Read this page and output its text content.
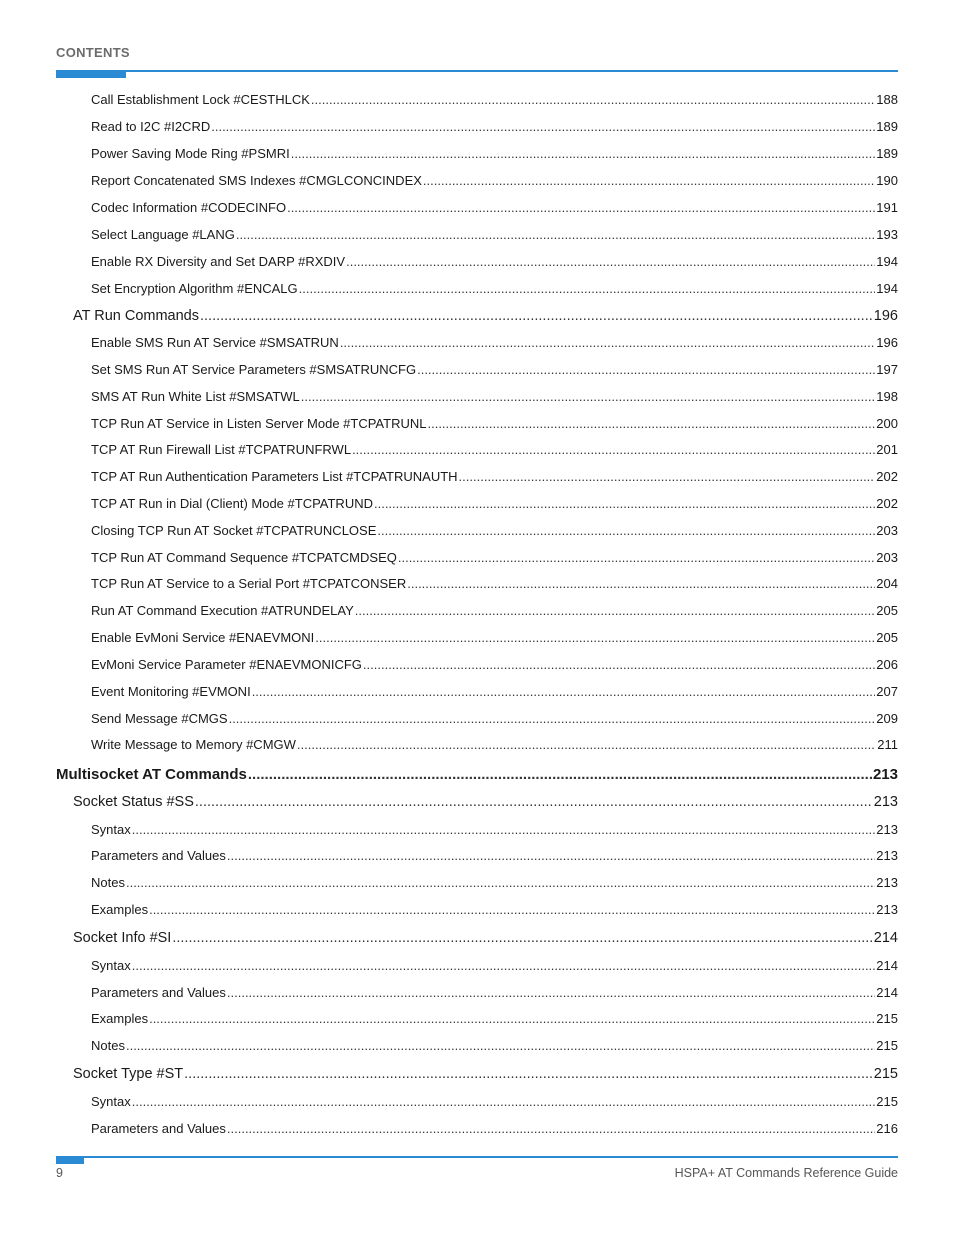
CONTENTS
Call Establishment Lock #CESTHLCK .....	188
Read to I2C #I2CRD .....	189
Power Saving Mode Ring #PSMRI .....	189
Report Concatenated SMS Indexes #CMGLCONCINDEX .....	190
Codec Information #CODECINFO .....	191
Select Language #LANG .....	193
Enable RX Diversity and Set DARP #RXDIV .....	194
Set Encryption Algorithm #ENCALG .....	194
AT Run Commands .....	196
Enable SMS Run AT Service #SMSATRUN .....	196
Set SMS Run AT Service Parameters #SMSATRUNCFG .....	197
SMS AT Run White List #SMSATWL .....	198
TCP Run AT Service in Listen Server Mode #TCPATRUNL .....	200
TCP AT Run Firewall List #TCPATRUNFRWL .....	201
TCP AT Run Authentication Parameters List #TCPATRUNAUTH .....	202
TCP AT Run in Dial (Client) Mode #TCPATRUND .....	202
Closing TCP Run AT Socket #TCPATRUNCLOSE .....	203
TCP Run AT Command Sequence #TCPATCMDSEQ .....	203
TCP Run AT Service to a Serial Port #TCPATCONSER .....	204
Run AT Command Execution #ATRUNDELAY .....	205
Enable EvMoni Service #ENAEVMONI .....	205
EvMoni Service Parameter #ENAEVMONICFG .....	206
Event Monitoring #EVMONI .....	207
Send Message #CMGS .....	209
Write Message to Memory #CMGW .....	211
Multisocket AT Commands .....	213
Socket Status #SS .....	213
Syntax .....	213
Parameters and Values .....	213
Notes .....	213
Examples .....	213
Socket Info #SI .....	214
Syntax .....	214
Parameters and Values .....	214
Examples .....	215
Notes .....	215
Socket Type #ST .....	215
Syntax .....	215
Parameters and Values .....	216
9	HSPA+ AT Commands Reference Guide
